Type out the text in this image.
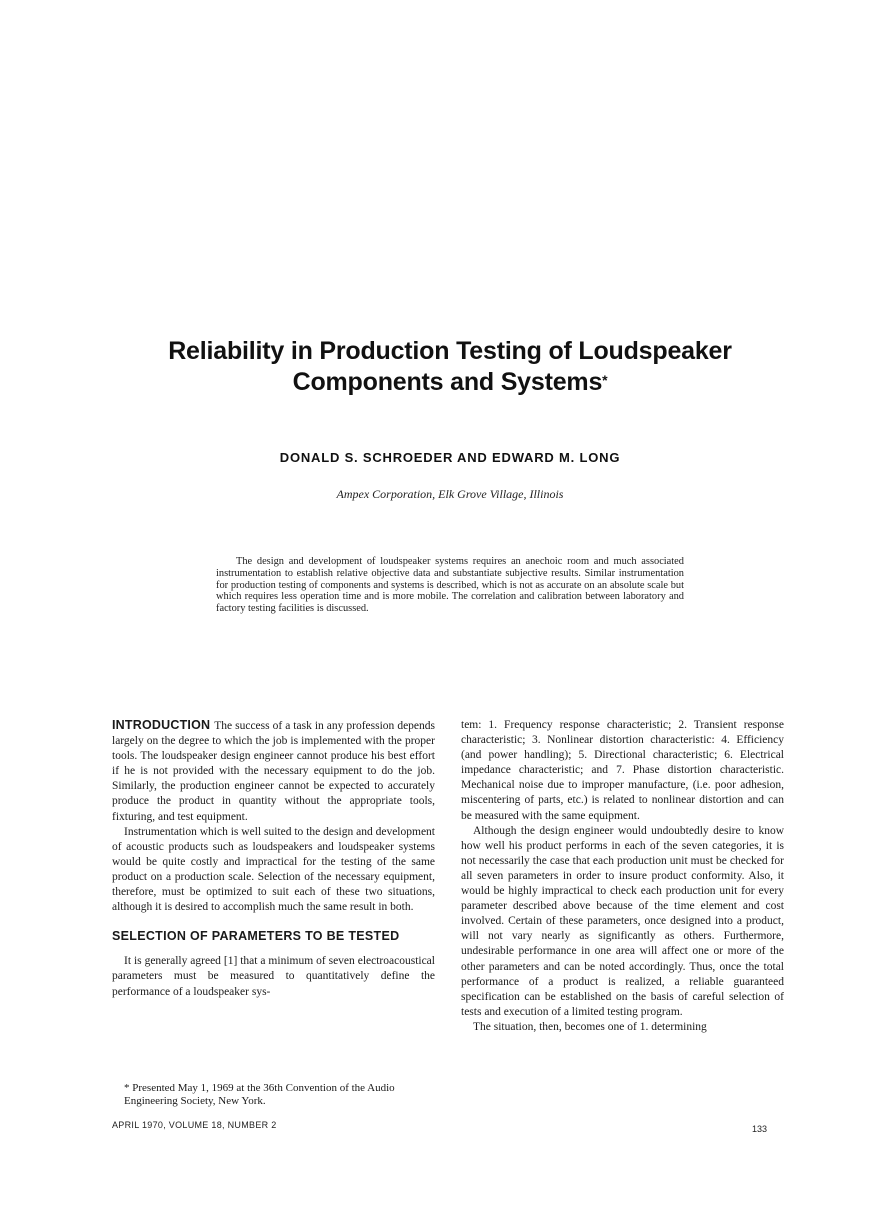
Reliability in Production Testing of Loudspeaker Components and Systems*
DONALD S. SCHROEDER AND EDWARD M. LONG
Ampex Corporation, Elk Grove Village, Illinois

The design and development of loudspeaker systems requires an anechoic room and much associated instrumentation to establish relative objective data and substantiate subjective results. Similar instrumentation for production testing of components and systems is described, which is not as accurate on an absolute scale but which requires less operation time and is more mobile. The correlation and calibration between laboratory and factory testing facilities is discussed.

INTRODUCTION The success of a task in any profession depends largely on the degree to which the job is implemented with the proper tools. The loudspeaker design engineer cannot produce his best effort if he is not provided with the necessary equipment to do the job. Similarly, the production engineer cannot be expected to accurately produce the product in quantity without the appropriate tools, fixturing, and test equipment.

Instrumentation which is well suited to the design and development of acoustic products such as loudspeakers and loudspeaker systems would be quite costly and impractical for the testing of the same product on a production scale. Selection of the necessary equipment, therefore, must be optimized to suit each of these two situations, although it is desired to accomplish much the same result in both.

SELECTION OF PARAMETERS TO BE TESTED

It is generally agreed [1] that a minimum of seven electroacoustical parameters must be measured to quantitatively define the performance of a loudspeaker sys-

tem: 1. Frequency response characteristic; 2. Transient response characteristic; 3. Nonlinear distortion characteristic: 4. Efficiency (and power handling); 5. Directional characteristic; 6. Electrical impedance characteristic; and 7. Phase distortion characteristic. Mechanical noise due to improper manufacture, (i.e. poor adhesion, miscentering of parts, etc.) is related to nonlinear distortion and can be measured with the same equipment.

Although the design engineer would undoubtedly desire to know how well his product performs in each of the seven categories, it is not necessarily the case that each production unit must be checked for all seven parameters in order to insure product conformity. Also, it would be highly impractical to check each production unit for every parameter described above because of the time element and cost involved. Certain of these parameters, once designed into a product, will not vary nearly as significantly as others. Furthermore, undesirable performance in one area will affect one or more of the other parameters and can be noted accordingly. Thus, once the total performance of a product is realized, a reliable guaranteed specification can be established on the basis of careful selection of tests and execution of a limited testing program.

The situation, then, becomes one of 1. determining

* Presented May 1, 1969 at the 36th Convention of the Audio Engineering Society, New York.
APRIL 1970, VOLUME 18, NUMBER 2	133
